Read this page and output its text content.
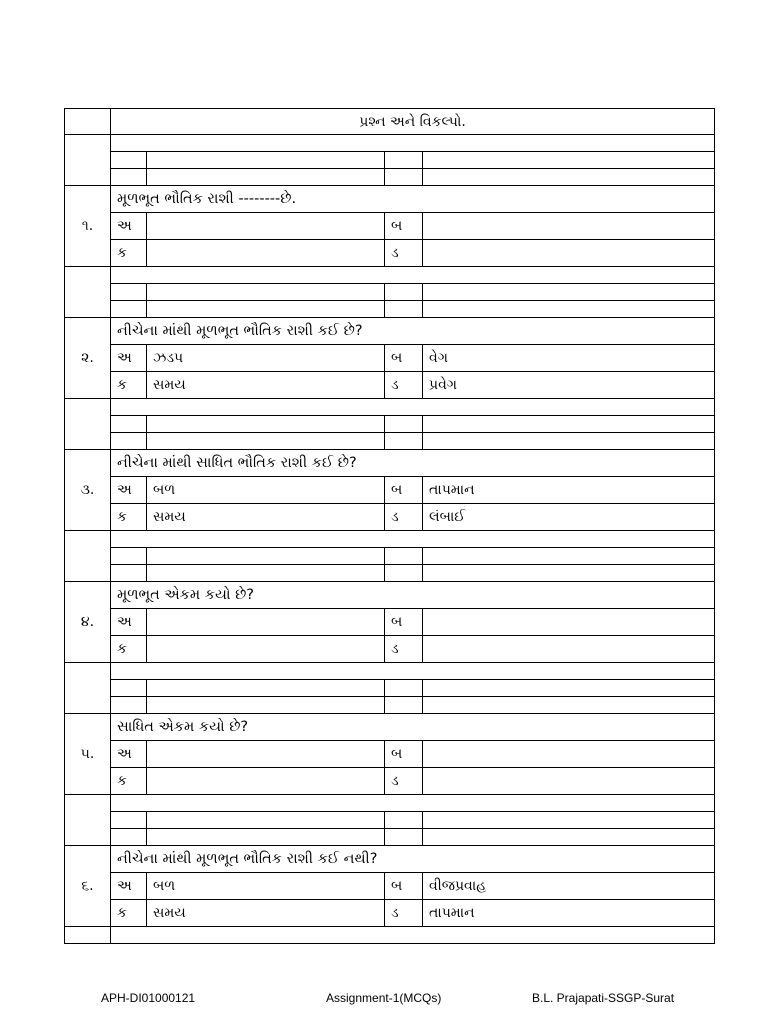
	પ્રશ્ન અને વિકલ્પો.			

૧.	મૂળભૂત ભૌતિક રાશી --------છે.			
	અ		બ	
	ક		ડ	

૨.	નીચેના માંથી મૂળભૂત ભૌતિક રાશી કઈ છે?			
	અ	ઝડપ	બ	વેગ
	ક	સમય	ડ	પ્રવેગ

૩.	નીચેના માંથી સાધિત ભૌતિક રાશી કઈ છે?			
	અ	બળ	બ	તાપમાન
	ક	સમય	ડ	લંબાઈ

૪.	મૂળભૂત એકમ કયો છે?			
	અ		બ	
	ક		ડ	

૫.	સાધિત એકમ કયો છે?			
	અ		બ	
	ક		ડ	

૬.	નીચેના માંથી મૂળભૂત ભૌતિક રાશી કઈ નથી?			
	અ	બળ	બ	વીજપ્રવાહ
	ક	સમય	ડ	તાપમાન

APH-DI01000121	Assignment-1(MCQs)	B.L. Prajapati-SSGP-Surat
